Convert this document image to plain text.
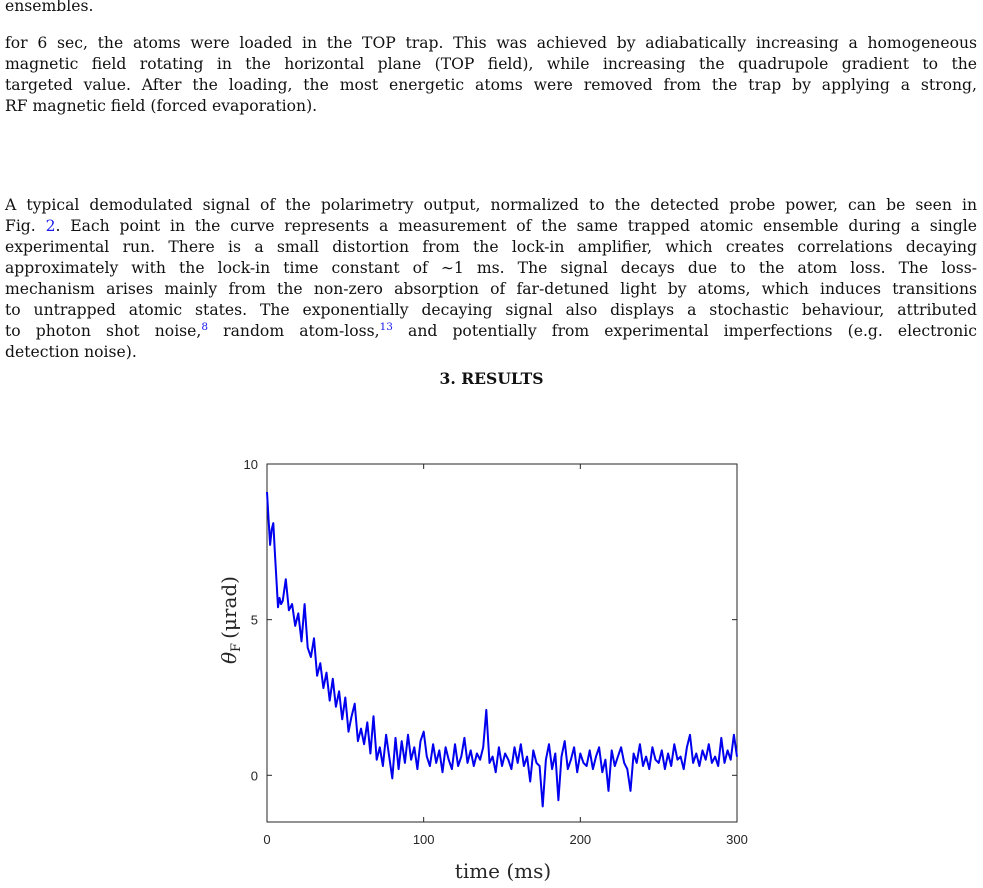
ensembles.
for 6 sec, the atoms were loaded in the TOP trap. This was achieved by adiabatically increasing a homogeneous
magnetic field rotating in the horizontal plane (TOP field), while increasing the quadrupole gradient to the
targeted value. After the loading, the most energetic atoms were removed from the trap by applying a strong,
RF magnetic field (forced evaporation).
3. RESULTS
A typical demodulated signal of the polarimetry output, normalized to the detected probe power, can be seen in
Fig. 2. Each point in the curve represents a measurement of the same trapped atomic ensemble during a single
experimental run. There is a small distortion from the lock-in amplifier, which creates correlations decaying
approximately with the lock-in time constant of ∼1 ms. The signal decays due to the atom loss. The loss-
mechanism arises mainly from the non-zero absorption of far-detuned light by atoms, which induces transitions
to untrapped atomic states. The exponentially decaying signal also displays a stochastic behaviour, attributed
to photon shot noise,$^8$ random atom-loss,$^{13}$ and potentially from experimental imperfections (e.g. electronic
detection noise).
0	100	200	300
0
5
10
time (ms)
$\theta_F(\mu rad)$
